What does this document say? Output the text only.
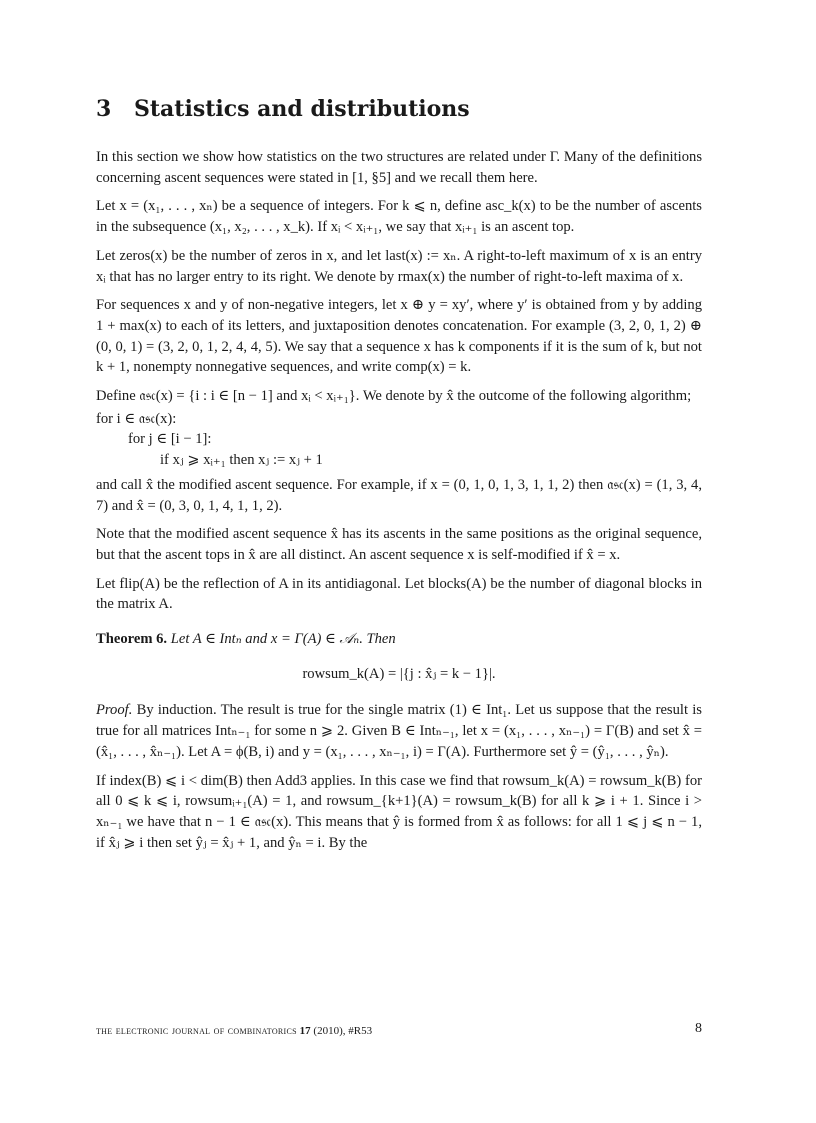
3 Statistics and distributions

In this section we show how statistics on the two structures are related under Γ. Many of the definitions concerning ascent sequences were stated in [1, §5] and we recall them here.

Let x = (x₁, . . . , xₙ) be a sequence of integers. For k ⩽ n, define asc_k(x) to be the number of ascents in the subsequence (x₁, x₂, . . . , x_k). If xᵢ < xᵢ₊₁, we say that xᵢ₊₁ is an ascent top.

Let zeros(x) be the number of zeros in x, and let last(x) := xₙ. A right-to-left maximum of x is an entry xᵢ that has no larger entry to its right. We denote by rmax(x) the number of right-to-left maxima of x.

For sequences x and y of non-negative integers, let x ⊕ y = xy′, where y′ is obtained from y by adding 1 + max(x) to each of its letters, and juxtaposition denotes concatenation. For example (3, 2, 0, 1, 2) ⊕ (0, 0, 1) = (3, 2, 0, 1, 2, 4, 4, 5). We say that a sequence x has k components if it is the sum of k, but not k + 1, nonempty nonnegative sequences, and write comp(x) = k.

Define 𝔞𝔰𝔠(x) = {i : i ∈ [n − 1] and xᵢ < xᵢ₊₁}. We denote by x̂ the outcome of the following algorithm;

for i ∈ 𝔞𝔰𝔠(x):
for j ∈ [i − 1]:
if xⱼ ⩾ xᵢ₊₁ then xⱼ := xⱼ + 1

and call x̂ the modified ascent sequence. For example, if x = (0, 1, 0, 1, 3, 1, 1, 2) then 𝔞𝔰𝔠(x) = (1, 3, 4, 7) and x̂ = (0, 3, 0, 1, 4, 1, 1, 2).

Note that the modified ascent sequence x̂ has its ascents in the same positions as the original sequence, but that the ascent tops in x̂ are all distinct. An ascent sequence x is self-modified if x̂ = x.

Let flip(A) be the reflection of A in its antidiagonal. Let blocks(A) be the number of diagonal blocks in the matrix A.

Theorem 6. Let A ∈ Intₙ and x = Γ(A) ∈ 𝒜ₙ. Then
rowsum_k(A) = |{j : x̂ⱼ = k − 1}|.

Proof. By induction. The result is true for the single matrix (1) ∈ Int₁. Let us suppose that the result is true for all matrices Intₙ₋₁ for some n ⩾ 2. Given B ∈ Intₙ₋₁, let x = (x₁, . . . , xₙ₋₁) = Γ(B) and set x̂ = (x̂₁, . . . , x̂ₙ₋₁). Let A = ϕ(B, i) and y = (x₁, . . . , xₙ₋₁, i) = Γ(A). Furthermore set ŷ = (ŷ₁, . . . , ŷₙ).

If index(B) ⩽ i < dim(B) then Add3 applies. In this case we find that rowsum_k(A) = rowsum_k(B) for all 0 ⩽ k ⩽ i, rowsumᵢ₊₁(A) = 1, and rowsum_{k+1}(A) = rowsum_k(B) for all k ⩾ i + 1. Since i > xₙ₋₁ we have that n − 1 ∈ 𝔞𝔰𝔠(x). This means that ŷ is formed from x̂ as follows: for all 1 ⩽ j ⩽ n − 1, if x̂ⱼ ⩾ i then set ŷⱼ = x̂ⱼ + 1, and ŷₙ = i. By the

the electronic journal of combinatorics 17 (2010), #R53	8
